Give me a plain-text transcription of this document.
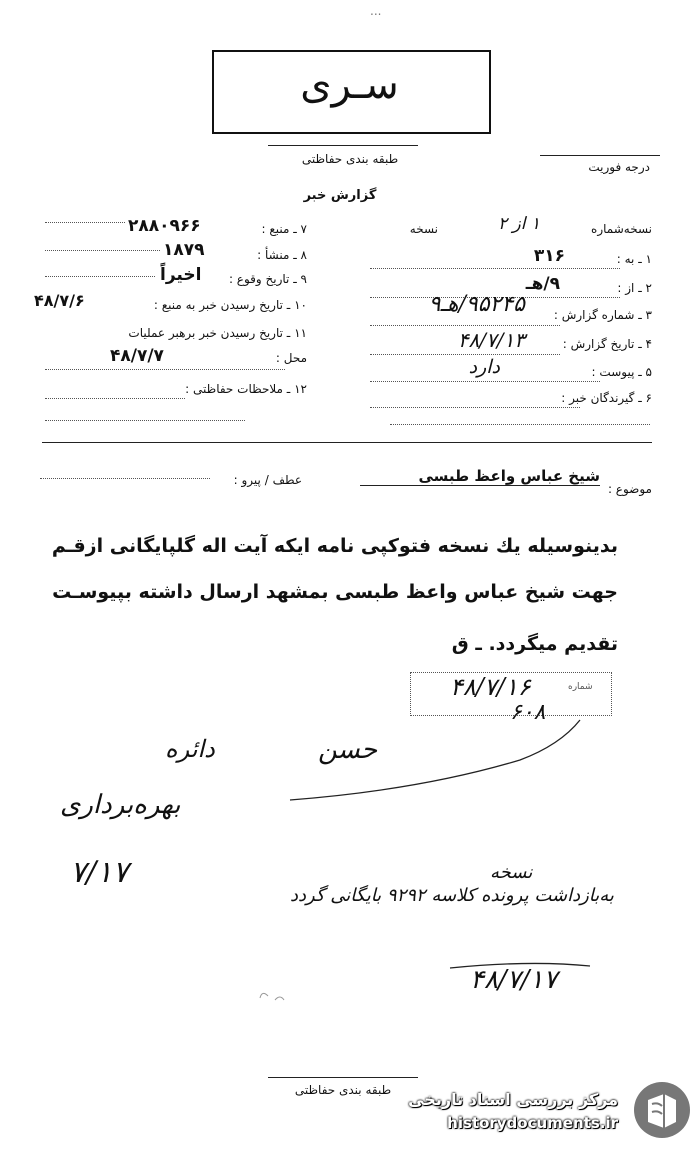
...
سـری
طبقه بندی حفاظتی
درجه فوریت
گزارش خبر
نسخه‌شماره
۱ از ۲
نسخه
۱ ـ به :
۳۱۶
۲ ـ از :
۹/هـ
۳ ـ شماره گزارش :
۹۵۲۴۵/هـ۹
۴ ـ تاریخ گزارش :
۴۸/۷/۱۳
۵ ـ پیوست :
دارد
۶ ـ گیرندگان خبر :
۷ ـ منبع :
۲۸۸۰۹۶۶
۸ ـ منشأ :
۱۸۷۹
۹ ـ تاریخ وقوع :
اخیراً
۱۰ ـ تاریخ رسیدن خبر به منبع :
۴۸/۷/۶
۱۱ ـ تاریخ رسیدن خبر برهبر عملیات
محل :
۴۸/۷/۷
۱۲ ـ ملاحظات حفاظتی :
موضوع :
شیخ عباس واعظ طبسی
عطف / پیرو :
بدینوسیله یك نسخه فتوكپی نامه ایکه آیت اله گلپایگانی ازقـم
جهت شیخ عباس واعظ طبسی بمشهد ارسال داشته بپیوسـت
تقدیم میگردد. ـ ق
شماره
۴۸/۷/۱۶
۶۰۸
حسن
دائره
بهره‌برداری
۷/۱۷	نسخه
به‌بازداشت پرونده کلاسه ۹۲۹۲ بایگانی گردد
۴۸/۷/۱۷
طبقه بندی حفاظتی	مرکز بررسی اسناد تاریخی
historydocuments.ir
